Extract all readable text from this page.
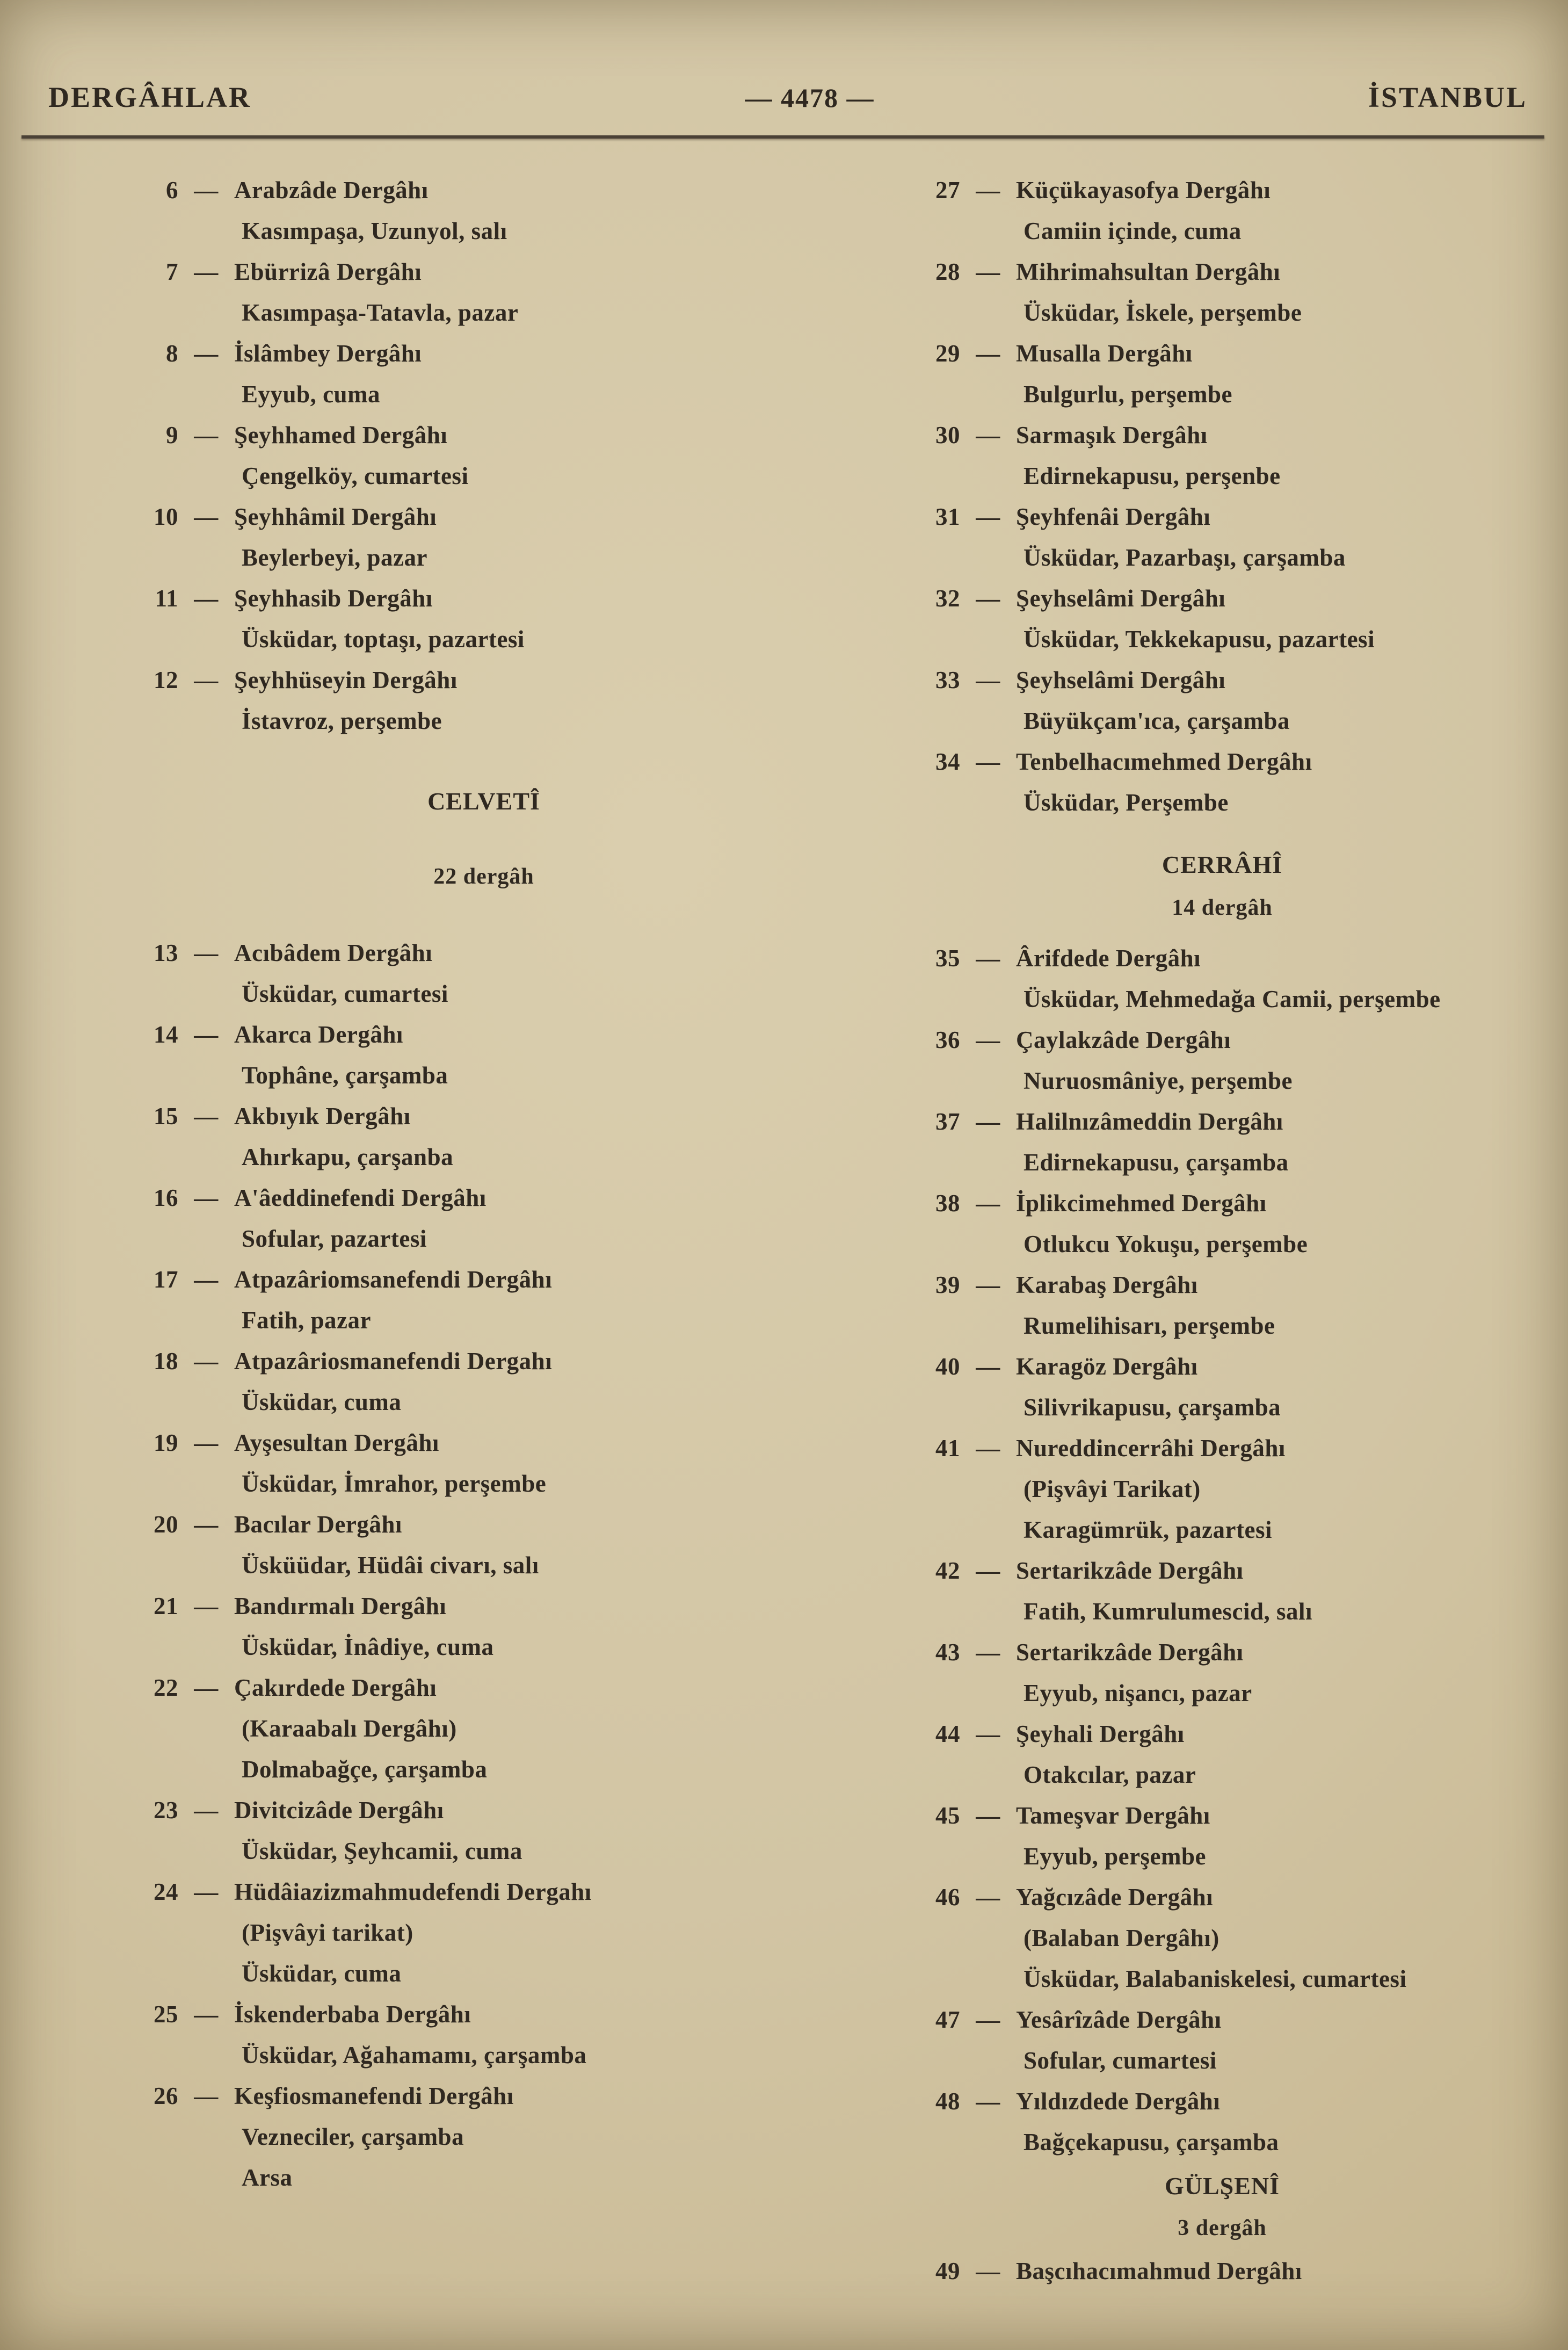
DERGÂHLAR	— 4478 —	İSTANBUL
6 — Arabzâde Dergâhı
Kasımpaşa, Uzunyol, salı
7 — Ebürrizâ Dergâhı
Kasımpaşa-Tatavla, pazar
8 — İslâmbey Dergâhı
Eyyub, cuma
9 — Şeyhhamed Dergâhı
Çengelköy, cumartesi
10 — Şeyhhâmil Dergâhı
Beylerbeyi, pazar
11 — Şeyhhasib Dergâhı
Üsküdar, toptaşı, pazartesi
12 — Şeyhhüseyin Dergâhı
İstavroz, perşembe
CELVETÎ
22 dergâh
13 — Acıbâdem Dergâhı
Üsküdar, cumartesi
14 — Akarca Dergâhı
Tophâne, çarşamba
15 — Akbıyık Dergâhı
Ahırkapu, çarşanba
16 — A'âeddinefendi Dergâhı
Sofular, pazartesi
17 — Atpazâriomsanefendi Dergâhı
Fatih, pazar
18 — Atpazâriosmanefendi Dergahı
Üsküdar, cuma
19 — Ayşesultan Dergâhı
Üsküdar, İmrahor, perşembe
20 — Bacılar Dergâhı
Üsküüdar, Hüdâi civarı, salı
21 — Bandırmalı Dergâhı
Üsküdar, İnâdiye, cuma
22 — Çakırdede Dergâhı
(Karaabalı Dergâhı)
Dolmabağçe, çarşamba
23 — Divitcizâde Dergâhı
Üsküdar, Şeyhcamii, cuma
24 — Hüdâiazizmahmudefendi Dergahı
(Pişvâyi tarikat)
Üsküdar, cuma
25 — İskenderbaba Dergâhı
Üsküdar, Ağahamamı, çarşamba
26 — Keşfiosmanefendi Dergâhı
Vezneciler, çarşamba
Arsa
27 — Küçükayasofya Dergâhı
Camiin içinde, cuma
28 — Mihrimahsultan Dergâhı
Üsküdar, İskele, perşembe
29 — Musalla Dergâhı
Bulgurlu, perşembe
30 — Sarmaşık Dergâhı
Edirnekapusu, perşenbe
31 — Şeyhfenâi Dergâhı
Üsküdar, Pazarbaşı, çarşamba
32 — Şeyhselâmi Dergâhı
Üsküdar, Tekkekapusu, pazartesi
33 — Şeyhselâmi Dergâhı
Büyükçam'ıca, çarşamba
34 — Tenbelhacımehmed Dergâhı
Üsküdar, Perşembe
CERRÂHÎ
14 dergâh
35 — Ârifdede Dergâhı
Üsküdar, Mehmedağa Camii, perşembe
36 — Çaylakzâde Dergâhı
Nuruosmâniye, perşembe
37 — Halilnızâmeddin Dergâhı
Edirnekapusu, çarşamba
38 — İplikcimehmed Dergâhı
Otlukcu Yokuşu, perşembe
39 — Karabaş Dergâhı
Rumelihisarı, perşembe
40 — Karagöz Dergâhı
Silivrikapusu, çarşamba
41 — Nureddincerrâhi Dergâhı
(Pişvâyi Tarikat)
Karagümrük, pazartesi
42 — Sertarikzâde Dergâhı
Fatih, Kumrulumescid, salı
43 — Sertarikzâde Dergâhı
Eyyub, nişancı, pazar
44 — Şeyhali Dergâhı
Otakcılar, pazar
45 — Tameşvar Dergâhı
Eyyub, perşembe
46 — Yağcızâde Dergâhı
(Balaban Dergâhı)
Üsküdar, Balabaniskelesi, cumartesi
47 — Yesârîzâde Dergâhı
Sofular, cumartesi
48 — Yıldızdede Dergâhı
Bağçekapusu, çarşamba
GÜLŞENÎ
3 dergâh
49 — Başcıhacımahmud Dergâhı
